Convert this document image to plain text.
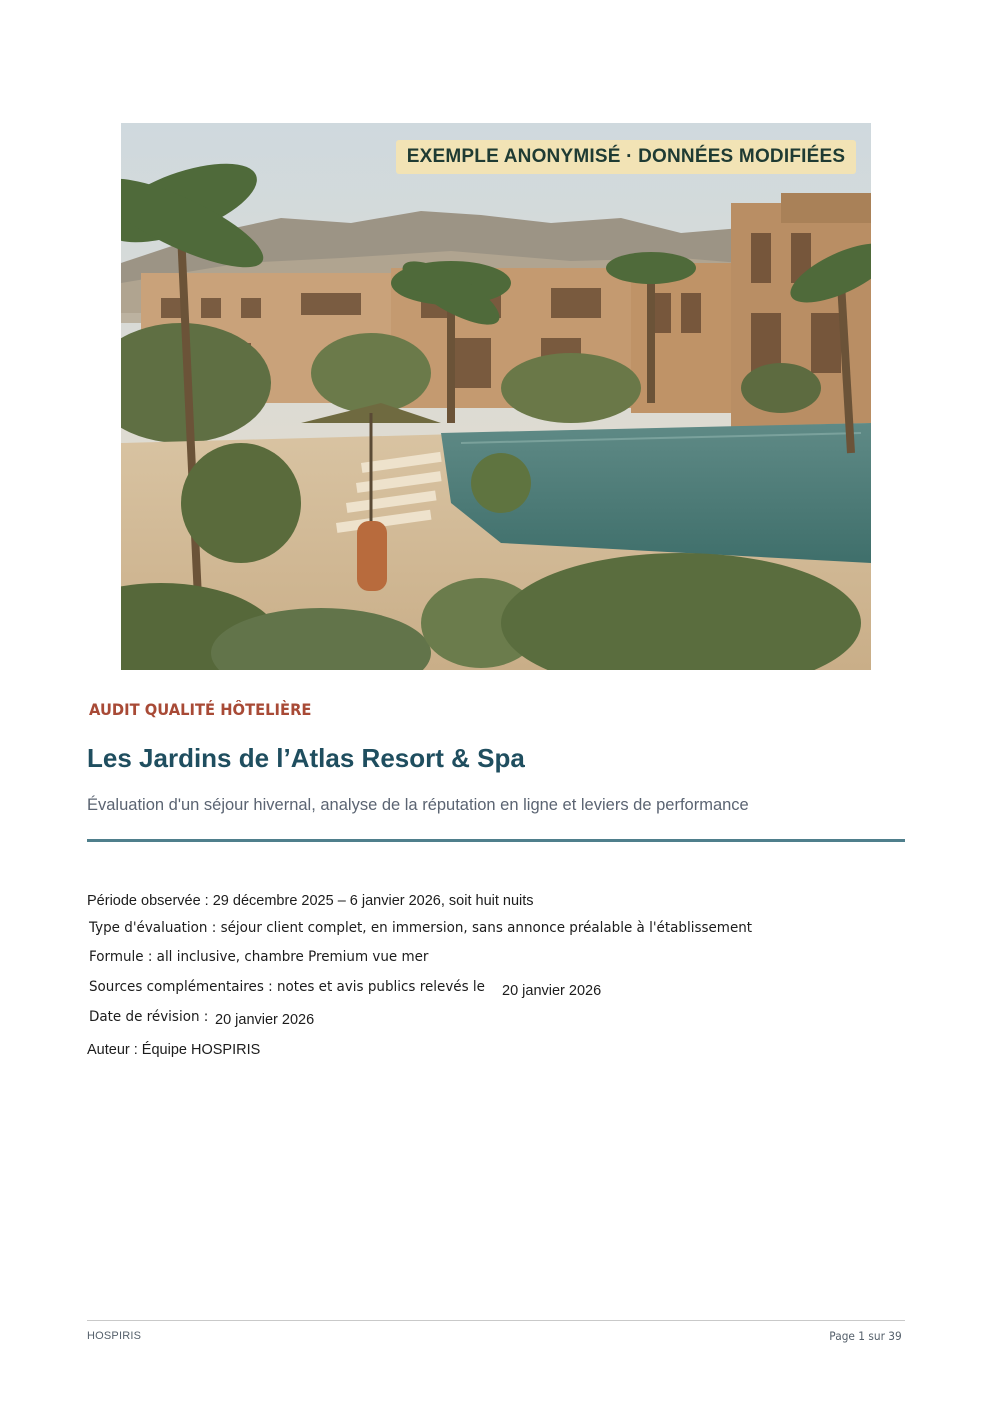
EXEMPLE ANONYMISÉ · DONNÉES MODIFIÉES
AUDIT QUALITÉ HÔTELIÈRE
Les Jardins de l’Atlas Resort & Spa
Évaluation d'un séjour hivernal, analyse de la réputation en ligne et leviers de performance
Période observée : 29 décembre 2025 – 6 janvier 2026, soit huit nuits
Type d'évaluation : séjour client complet, en immersion, sans annonce préalable à l'établissement
Formule : all inclusive, chambre Premium vue mer
Sources complémentaires : notes et avis publics relevés le 20 janvier 2026
Date de révision : 20 janvier 2026
Auteur : Équipe HOSPIRIS
HOSPIRIS	Page 1 sur 39
